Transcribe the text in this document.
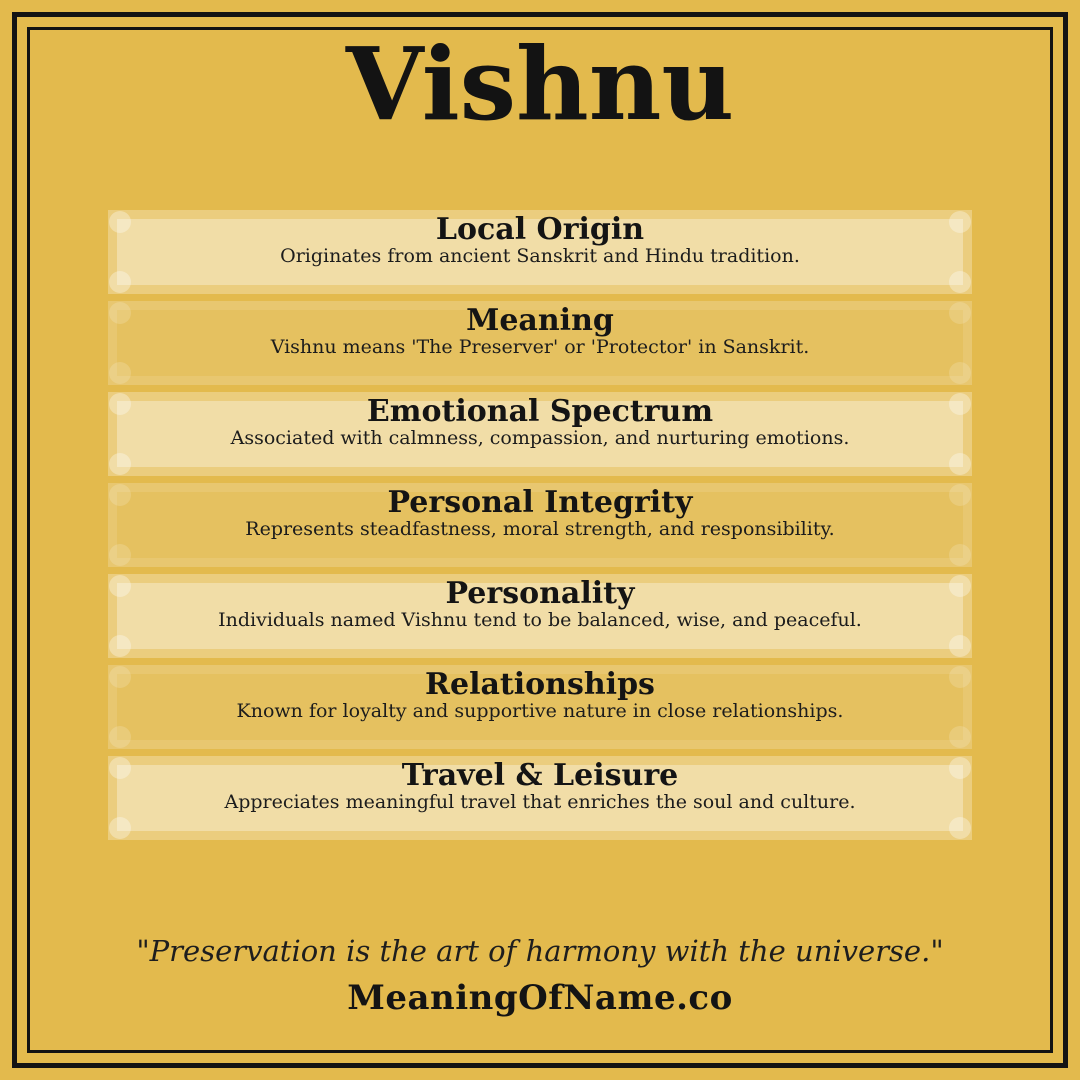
Vishnu
Local Origin

Originates from ancient Sanskrit and Hindu tradition.

Meaning

Vishnu means 'The Preserver' or 'Protector' in Sanskrit.

Emotional Spectrum

Associated with calmness, compassion, and nurturing emotions.

Personal Integrity

Represents steadfastness, moral strength, and responsibility.

Personality

Individuals named Vishnu tend to be balanced, wise, and peaceful.

Relationships

Known for loyalty and supportive nature in close relationships.

Travel & Leisure

Appreciates meaningful travel that enriches the soul and culture.

"Preservation is the art of harmony with the universe."
MeaningOfName.co
